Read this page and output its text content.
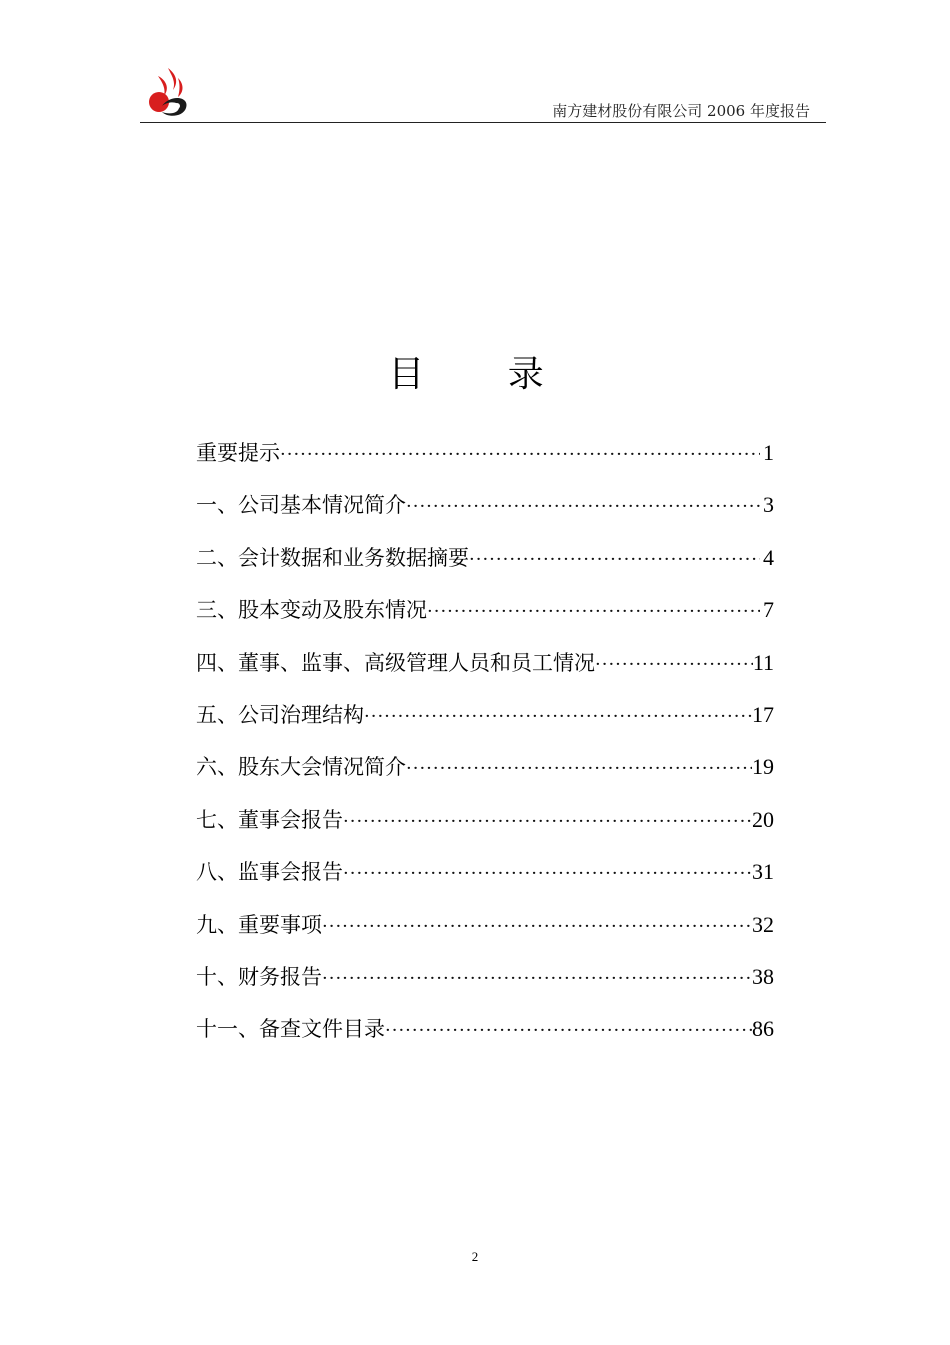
南方建材股份有限公司 2006 年度报告
目 录
重要提示 ·····	1
一、公司基本情况简介 ·····	3
二、会计数据和业务数据摘要 ·····	4
三、股本变动及股东情况 ·····	7
四、董事、监事、高级管理人员和员工情况 ·····	11
五、公司治理结构 ·····	17
六、股东大会情况简介 ·····	19
七、董事会报告 ·····	20
八、监事会报告 ·····	31
九、重要事项 ·····	32
十、财务报告 ·····	38
十一、备查文件目录 ·····	86
2
